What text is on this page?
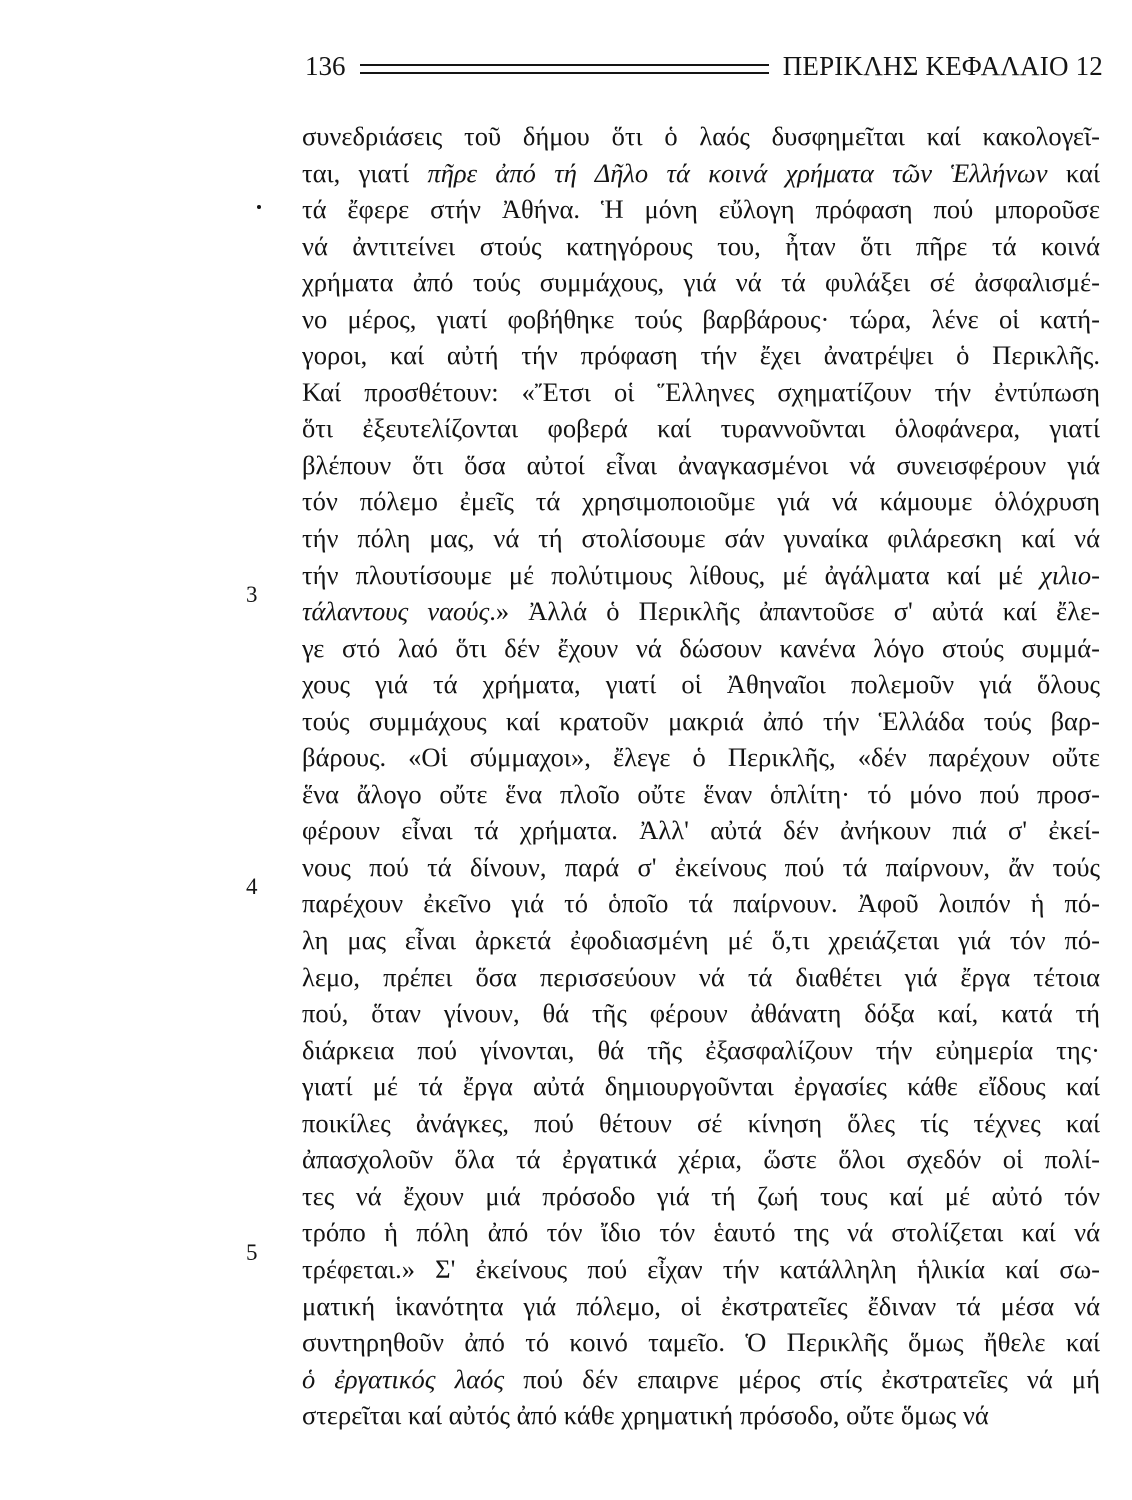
136	ΠΕΡΙΚΛΗΣ ΚΕΦΑΛΑΙΟ 12
3
4
5
συνεδριάσεις τοῦ δήμου ὅτι ὁ λαός δυσφημεῖται καί κακολογεῖ-
ται, γιατί πῆρε ἀπό τή Δῆλο τά κοινά χρήματα τῶν Ἑλλήνων καί
τά ἔφερε στήν Ἀθήνα. Ἡ μόνη εὔλογη πρόφαση πού μποροῦσε
νά ἀντιτείνει στούς κατηγόρους του, ἦταν ὅτι πῆρε τά κοινά
χρήματα ἀπό τούς συμμάχους, γιά νά τά φυλάξει σέ ἀσφαλισμέ-
νο μέρος, γιατί φοβήθηκε τούς βαρβάρους· τώρα, λένε οἱ κατή-
γοροι, καί αὐτή τήν πρόφαση τήν ἔχει ἀνατρέψει ὁ Περικλῆς.
Καί προσθέτουν: «Ἔτσι οἱ Ἕλληνες σχηματίζουν τήν ἐντύπωση
ὅτι ἐξευτελίζονται φοβερά καί τυραννοῦνται ὁλοφάνερα, γιατί
βλέπουν ὅτι ὅσα αὐτοί εἶναι ἀναγκασμένοι νά συνεισφέρουν γιά
τόν πόλεμο ἐμεῖς τά χρησιμοποιοῦμε γιά νά κάμουμε ὁλόχρυση
τήν πόλη μας, νά τή στολίσουμε σάν γυναίκα φιλάρεσκη καί νά
τήν πλουτίσουμε μέ πολύτιμους λίθους, μέ ἀγάλματα καί μέ χιλιο-
τάλαντους ναούς.» Ἀλλά ὁ Περικλῆς ἀπαντοῦσε σ' αὐτά καί ἔλε-
γε στό λαό ὅτι δέν ἔχουν νά δώσουν κανένα λόγο στούς συμμά-
χους γιά τά χρήματα, γιατί οἱ Ἀθηναῖοι πολεμοῦν γιά ὅλους
τούς συμμάχους καί κρατοῦν μακριά ἀπό τήν Ἑλλάδα τούς βαρ-
βάρους. «Οἱ σύμμαχοι», ἔλεγε ὁ Περικλῆς, «δέν παρέχουν οὔτε
ἕνα ἄλογο οὔτε ἕνα πλοῖο οὔτε ἕναν ὁπλίτη· τό μόνο πού προσ-
φέρουν εἶναι τά χρήματα. Ἀλλ' αὐτά δέν ἀνήκουν πιά σ' ἐκεί-
νους πού τά δίνουν, παρά σ' ἐκείνους πού τά παίρνουν, ἄν τούς
παρέχουν ἐκεῖνο γιά τό ὁποῖο τά παίρνουν. Ἀφοῦ λοιπόν ἡ πό-
λη μας εἶναι ἀρκετά ἐφοδιασμένη μέ ὅ,τι χρειάζεται γιά τόν πό-
λεμο, πρέπει ὅσα περισσεύουν νά τά διαθέτει γιά ἔργα τέτοια
πού, ὅταν γίνουν, θά τῆς φέρουν ἀθάνατη δόξα καί, κατά τή
διάρκεια πού γίνονται, θά τῆς ἐξασφαλίζουν τήν εὐημερία της·
γιατί μέ τά ἔργα αὐτά δημιουργοῦνται ἐργασίες κάθε εἴδους καί
ποικίλες ἀνάγκες, πού θέτουν σέ κίνηση ὅλες τίς τέχνες καί
ἀπασχολοῦν ὅλα τά ἐργατικά χέρια, ὥστε ὅλοι σχεδόν οἱ πολί-
τες νά ἔχουν μιά πρόσοδο γιά τή ζωή τους καί μέ αὐτό τόν
τρόπο ἡ πόλη ἀπό τόν ἴδιο τόν ἑαυτό της νά στολίζεται καί νά
τρέφεται.» Σ' ἐκείνους πού εἶχαν τήν κατάλληλη ἡλικία καί σω-
ματική ἱκανότητα γιά πόλεμο, οἱ ἐκστρατεῖες ἔδιναν τά μέσα νά
συντηρηθοῦν ἀπό τό κοινό ταμεῖο. Ὁ Περικλῆς ὅμως ἤθελε καί
ὁ ἐργατικός λαός πού δέν επαιρνε μέρος στίς ἐκστρατεῖες νά μή
στερεῖται καί αὐτός ἀπό κάθε χρηματική πρόσοδο, οὔτε ὅμως νά
